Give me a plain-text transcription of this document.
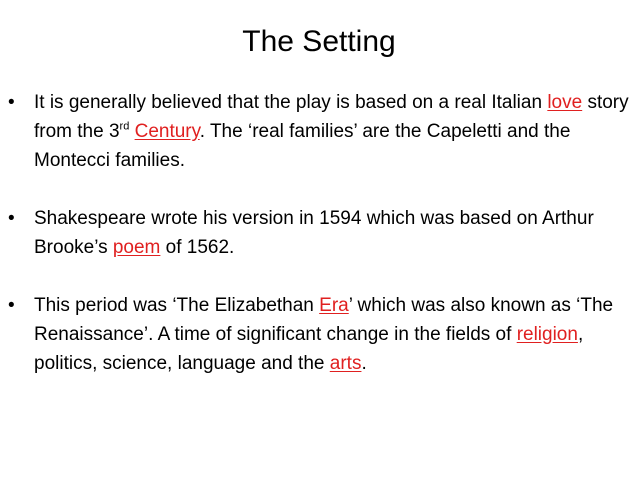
The Setting
•	It is generally believed that the play is based on a real Italian love story from the 3rd Century. The ‘real families’ are the Capeletti and the Montecci families.
•	Shakespeare wrote his version in 1594 which was based on Arthur Brooke’s poem of 1562.
•	This period was ‘The Elizabethan Era’ which was also known as ‘The Renaissance’. A time of significant change in the fields of religion, politics, science, language and the arts.
